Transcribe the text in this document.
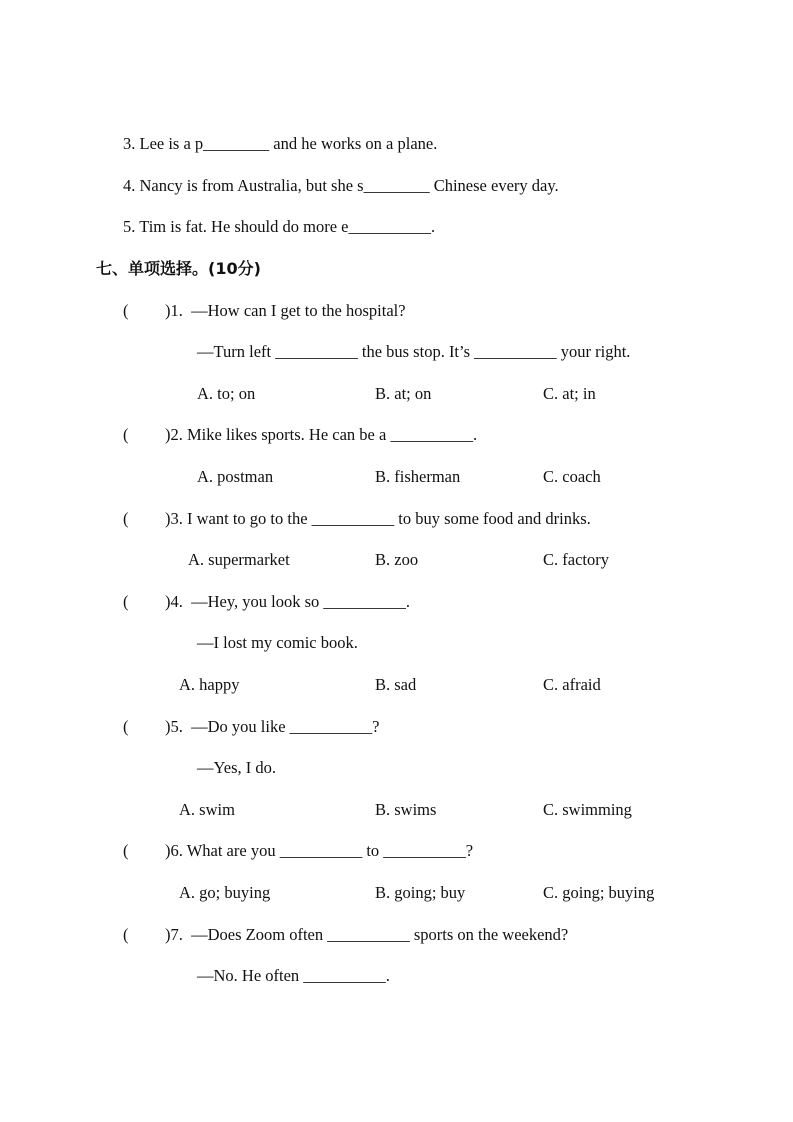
3. Lee is a p________ and he works on a plane.
4. Nancy is from Australia, but she s________ Chinese every day.
5. Tim is fat. He should do more e__________.
七、单项选择。(10分)
( )1.  —How can I get to the hospital?
—Turn left __________ the bus stop. It’s __________ your right.
A. to; on	B. at; on	C. at; in
( )2. Mike likes sports. He can be a __________.
A. postman	B. fisherman	C. coach
( )3. I want to go to the __________ to buy some food and drinks.
A. supermarket	B. zoo	C. factory
( )4.  —Hey, you look so __________.
—I lost my comic book.
A. happy	B. sad	C. afraid
( )5.  —Do you like __________?
—Yes, I do.
A. swim	B. swims	C. swimming
( )6. What are you __________ to __________?
A. go; buying	B. going; buy	C. going; buying
( )7.  —Does Zoom often __________ sports on the weekend?
—No. He often __________.
